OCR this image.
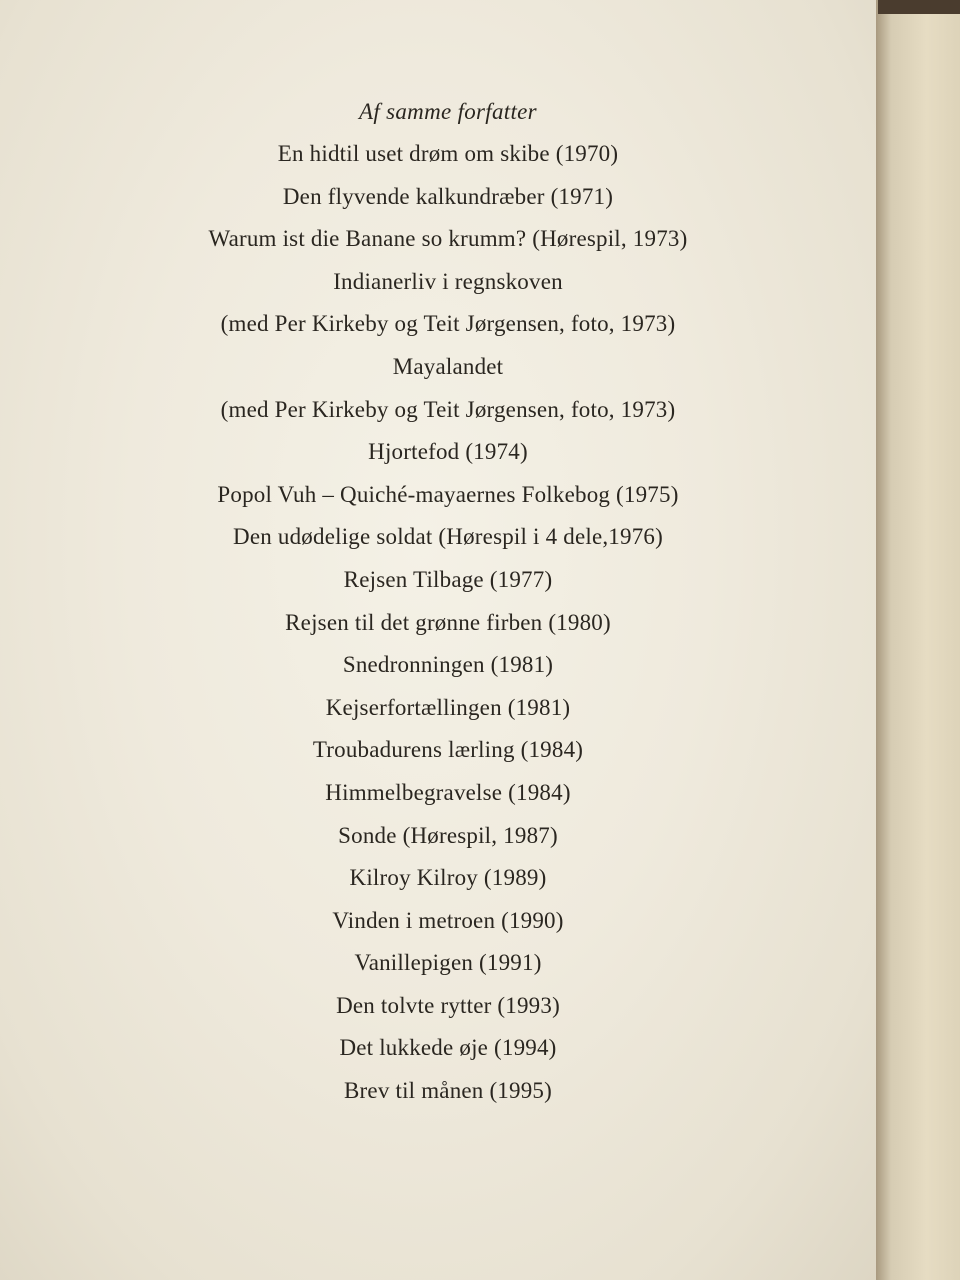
Af samme forfatter
En hidtil uset drøm om skibe (1970)
Den flyvende kalkundræber (1971)
Warum ist die Banane so krumm? (Hørespil, 1973)
Indianerliv i regnskoven
(med Per Kirkeby og Teit Jørgensen, foto, 1973)
Mayalandet
(med Per Kirkeby og Teit Jørgensen, foto, 1973)
Hjortefod (1974)
Popol Vuh – Quiché-mayaernes Folkebog (1975)
Den udødelige soldat (Hørespil i 4 dele,1976)
Rejsen Tilbage (1977)
Rejsen til det grønne firben (1980)
Snedronningen (1981)
Kejserfortællingen (1981)
Troubadurens lærling (1984)
Himmelbegravelse (1984)
Sonde (Hørespil, 1987)
Kilroy Kilroy (1989)
Vinden i metroen (1990)
Vanillepigen (1991)
Den tolvte rytter (1993)
Det lukkede øje (1994)
Brev til månen (1995)
